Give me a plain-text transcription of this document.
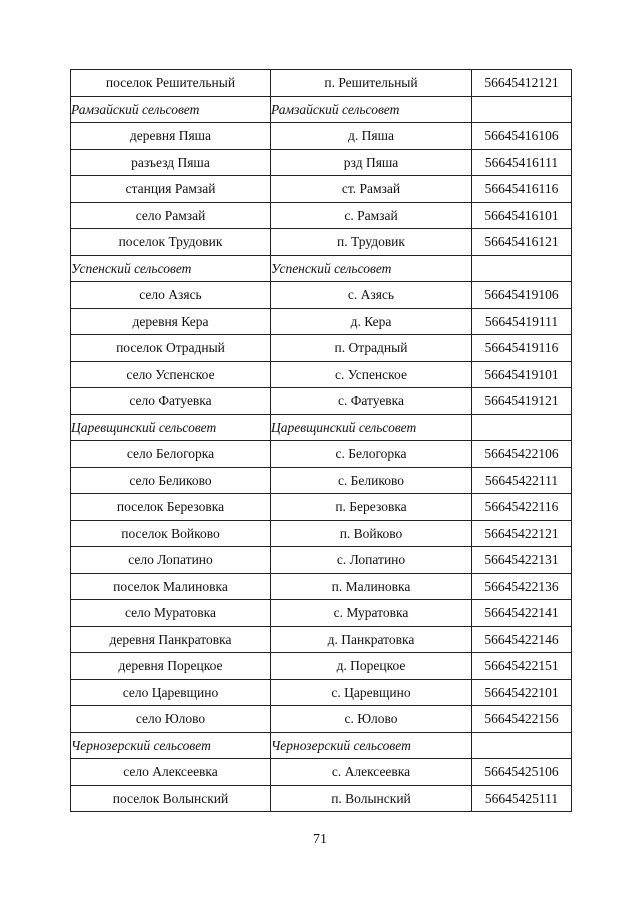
поселок Решительный	п. Решительный	56645412121
Рамзайский сельсовет	Рамзайский сельсовет	
деревня Пяша	д. Пяша	56645416106
разъезд Пяша	рзд Пяша	56645416111
станция Рамзай	ст. Рамзай	56645416116
село Рамзай	с. Рамзай	56645416101
поселок Трудовик	п. Трудовик	56645416121
Успенский сельсовет	Успенский сельсовет	
село Азясь	с. Азясь	56645419106
деревня Кера	д. Кера	56645419111
поселок Отрадный	п. Отрадный	56645419116
село Успенское	с. Успенское	56645419101
село Фатуевка	с. Фатуевка	56645419121
Царевщинский сельсовет	Царевщинский сельсовет	
село Белогорка	с. Белогорка	56645422106
село Беликово	с. Беликово	56645422111
поселок Березовка	п. Березовка	56645422116
поселок Войково	п. Войково	56645422121
село Лопатино	с. Лопатино	56645422131
поселок Малиновка	п. Малиновка	56645422136
село Муратовка	с. Муратовка	56645422141
деревня Панкратовка	д. Панкратовка	56645422146
деревня Порецкое	д. Порецкое	56645422151
село Царевщино	с. Царевщино	56645422101
село Юлово	с. Юлово	56645422156
Чернозерский сельсовет	Чернозерский сельсовет	
село Алексеевка	с. Алексеевка	56645425106
поселок Волынский	п. Волынский	56645425111
71
